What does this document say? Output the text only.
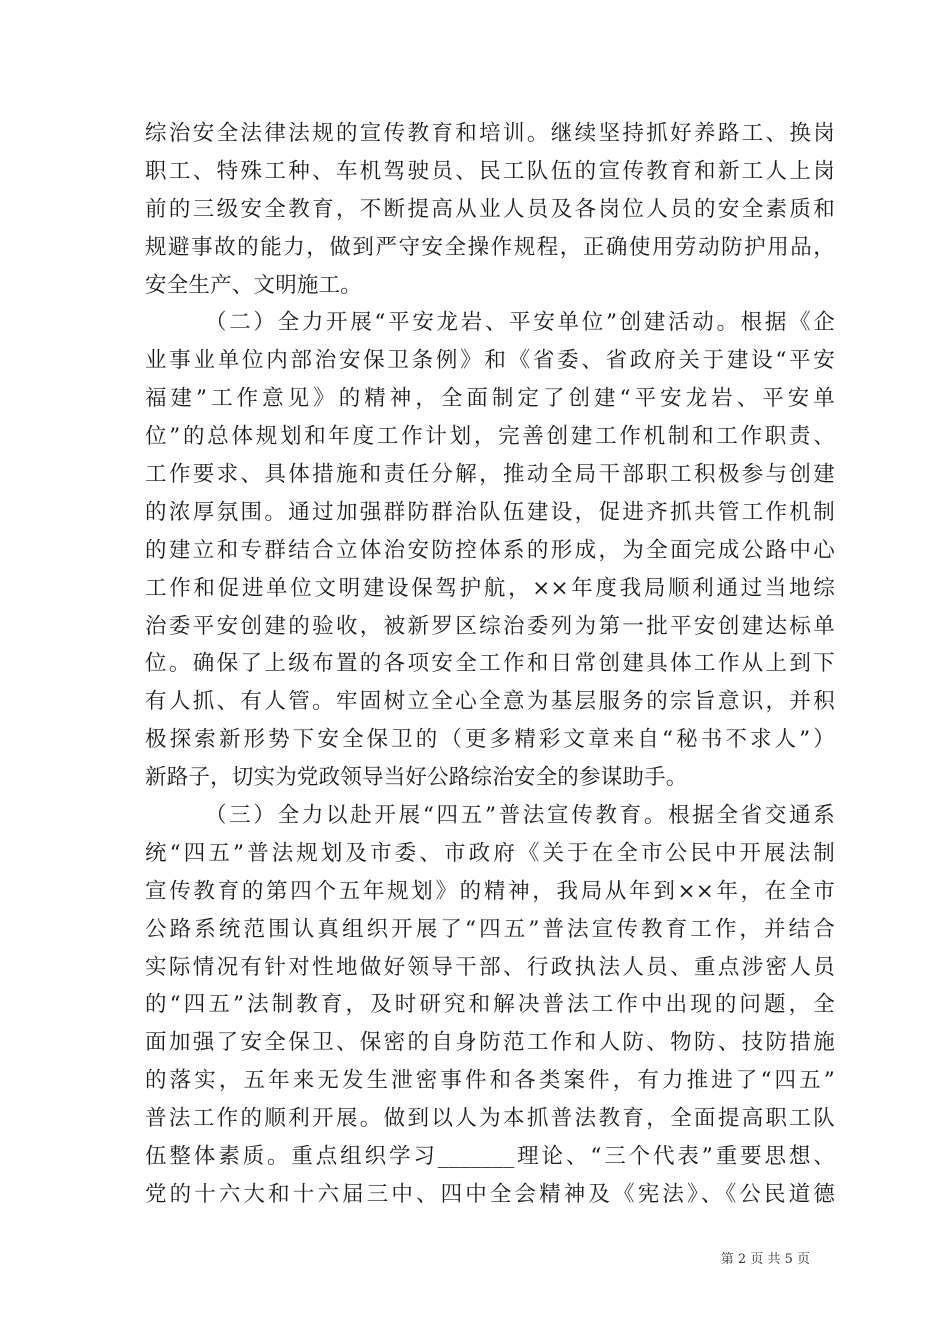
综治安全法律法规的宣传教育和培训。继续坚持抓好养路工、换岗
职工、特殊工种、车机驾驶员、民工队伍的宣传教育和新工人上岗
前的三级安全教育，不断提高从业人员及各岗位人员的安全素质和
规避事故的能力，做到严守安全操作规程，正确使用劳动防护用品，
安全生产、文明施工。
（二）全力开展“平安龙岩、平安单位”创建活动。根据《企
业事业单位内部治安保卫条例》和《省委、省政府关于建设“平安
福建”工作意见》的精神，全面制定了创建“平安龙岩、平安单
位”的总体规划和年度工作计划，完善创建工作机制和工作职责、
工作要求、具体措施和责任分解，推动全局干部职工积极参与创建
的浓厚氛围。通过加强群防群治队伍建设，促进齐抓共管工作机制
的建立和专群结合立体治安防控体系的形成，为全面完成公路中心
工作和促进单位文明建设保驾护航，××年度我局顺利通过当地综
治委平安创建的验收，被新罗区综治委列为第一批平安创建达标单
位。确保了上级布置的各项安全工作和日常创建具体工作从上到下
有人抓、有人管。牢固树立全心全意为基层服务的宗旨意识，并积
极探索新形势下安全保卫的（更多精彩文章来自“秘书不求人”）
新路子，切实为党政领导当好公路综治安全的参谋助手。
（三）全力以赴开展“四五”普法宣传教育。根据全省交通系
统“四五”普法规划及市委、市政府《关于在全市公民中开展法制
宣传教育的第四个五年规划》的精神，我局从年到××年，在全市
公路系统范围认真组织开展了“四五”普法宣传教育工作，并结合
实际情况有针对性地做好领导干部、行政执法人员、重点涉密人员
的“四五”法制教育，及时研究和解决普法工作中出现的问题，全
面加强了安全保卫、保密的自身防范工作和人防、物防、技防措施
的落实，五年来无发生泄密事件和各类案件，有力推进了“四五”
普法工作的顺利开展。做到以人为本抓普法教育，全面提高职工队
伍整体素质。重点组织学习_______理论、“三个代表”重要思想、
党的十六大和十六届三中、四中全会精神及《宪法》、《公民道德
第 2 页 共 5 页
